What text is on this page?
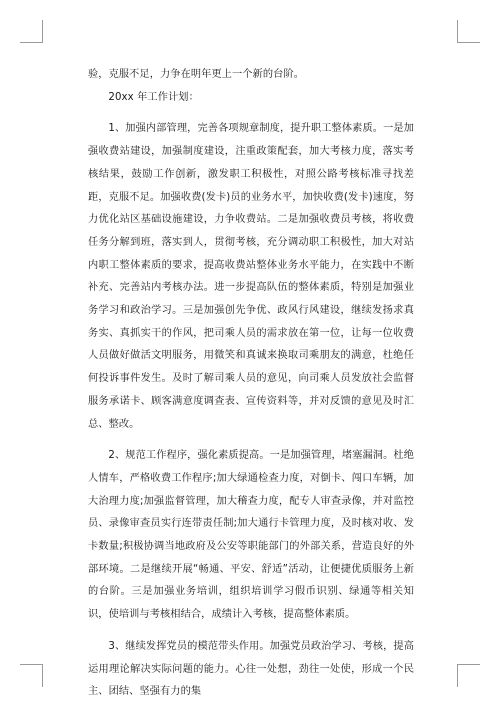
验，克服不足，力争在明年更上一个新的台阶。

20xx 年工作计划：

1、加强内部管理，完善各项规章制度，提升职工整体素质。一是加强收费站建设，加强制度建设，注重政策配套，加大考核力度，落实考核结果，鼓励工作创新，激发职工积极性，对照公路考核标准寻找差距，克服不足。加强收费(发卡)员的业务水平，加快收费(发卡)速度，努力优化站区基础设施建设，力争收费站。二是加强收费员考核，将收费任务分解到班，落实到人，贯彻考核，充分调动职工积极性，加大对站内职工整体素质的要求，提高收费站整体业务水平能力，在实践中不断补充、完善站内考核办法。进一步提高队伍的整体素质，特别是加强业务学习和政治学习。三是加强创先争优、政风行风建设，继续发扬求真务实、真抓实干的作风，把司乘人员的需求放在第一位，让每一位收费人员做好做活文明服务，用微笑和真诚来换取司乘朋友的满意，杜绝任何投诉事件发生。及时了解司乘人员的意见，向司乘人员发放社会监督服务承诺卡、顾客满意度调查表、宣传资料等，并对反馈的意见及时汇总、整改。

2、规范工作程序，强化素质提高。一是加强管理，堵塞漏洞。杜绝人情车，严格收费工作程序;加大绿通检查力度，对倒卡、闯口车辆，加大治理力度;加强监督管理，加大稽查力度，配专人审查录像，并对监控员、录像审查员实行连带责任制;加大通行卡管理力度，及时核对收、发卡数量;积极协调当地政府及公安等职能部门的外部关系，营造良好的外部环境。二是继续开展“畅通、平安、舒适”活动，让便捷优质服务上新的台阶。三是加强业务培训，组织培训学习假币识别、绿通等相关知识，使培训与考核相结合，成绩计入考核，提高整体素质。

3、继续发挥党员的模范带头作用。加强党员政治学习、考核，提高运用理论解决实际问题的能力。心往一处想，劲往一处使，形成一个民主、团结、坚强有力的集
